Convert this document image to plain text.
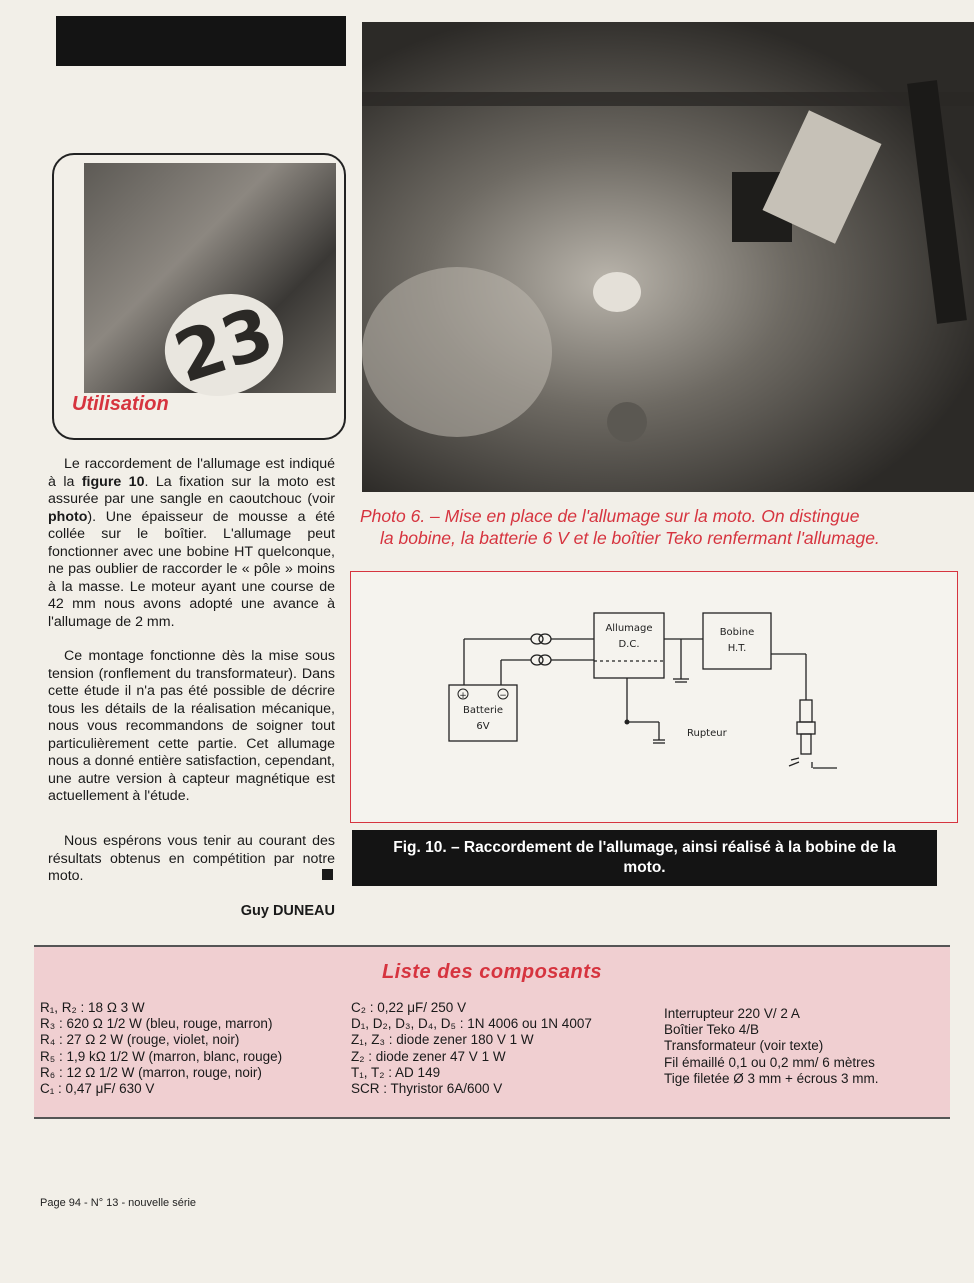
23
Utilisation

Le raccordement de l'allumage est indiqué à la figure 10. La fixation sur la moto est assurée par une sangle en caoutchouc (voir photo). Une épaisseur de mousse a été collée sur le boîtier. L'allumage peut fonctionner avec une bobine HT quelconque, ne pas oublier de raccorder le « pôle » moins à la masse. Le moteur ayant une course de 42 mm nous avons adopté une avance à l'allumage de 2 mm.

Ce montage fonctionne dès la mise sous tension (ronflement du transformateur). Dans cette étude il n'a pas été possible de décrire tous les détails de la réalisation mécanique, nous vous recommandons de soigner tout particulièrement cette partie. Cet allumage nous a donné entière satisfaction, cependant, une autre version à capteur magnétique est actuellement à l'étude.

Nous espérons vous tenir au courant des résultats obtenus en compétition par notre moto.

Guy DUNEAU
Photo 6. – Mise en place de l'allumage sur la moto. On distingue
la bobine, la batterie 6 V et le boîtier Teko renfermant l'allumage.
Allumage
D.C.
Bobine
H.T.
Batterie
6V
+	−
Rupteur
Fig. 10. – Raccordement de l'allumage, ainsi réalisé à la bobine de la
moto.
Liste des composants
R₁, R₂ : 18 Ω 3 W
R₃ : 620 Ω 1/2 W (bleu, rouge, marron)
R₄ : 27 Ω 2 W (rouge, violet, noir)
R₅ : 1,9 kΩ 1/2 W (marron, blanc, rouge)
R₆ : 12 Ω 1/2 W (marron, rouge, noir)
C₁ : 0,47 μF/ 630 V
C₂ : 0,22 μF/ 250 V
D₁, D₂, D₃, D₄, D₅ : 1N 4006 ou 1N 4007
Z₁, Z₃ : diode zener 180 V 1 W
Z₂ : diode zener 47 V 1 W
T₁, T₂ : AD 149
SCR : Thyristor 6A/600 V
Interrupteur 220 V/ 2 A
Boîtier Teko 4/B
Transformateur (voir texte)
Fil émaillé 0,1 ou 0,2 mm/ 6 mètres
Tige filetée Ø 3 mm + écrous 3 mm.
Page 94 - N° 13 - nouvelle série
